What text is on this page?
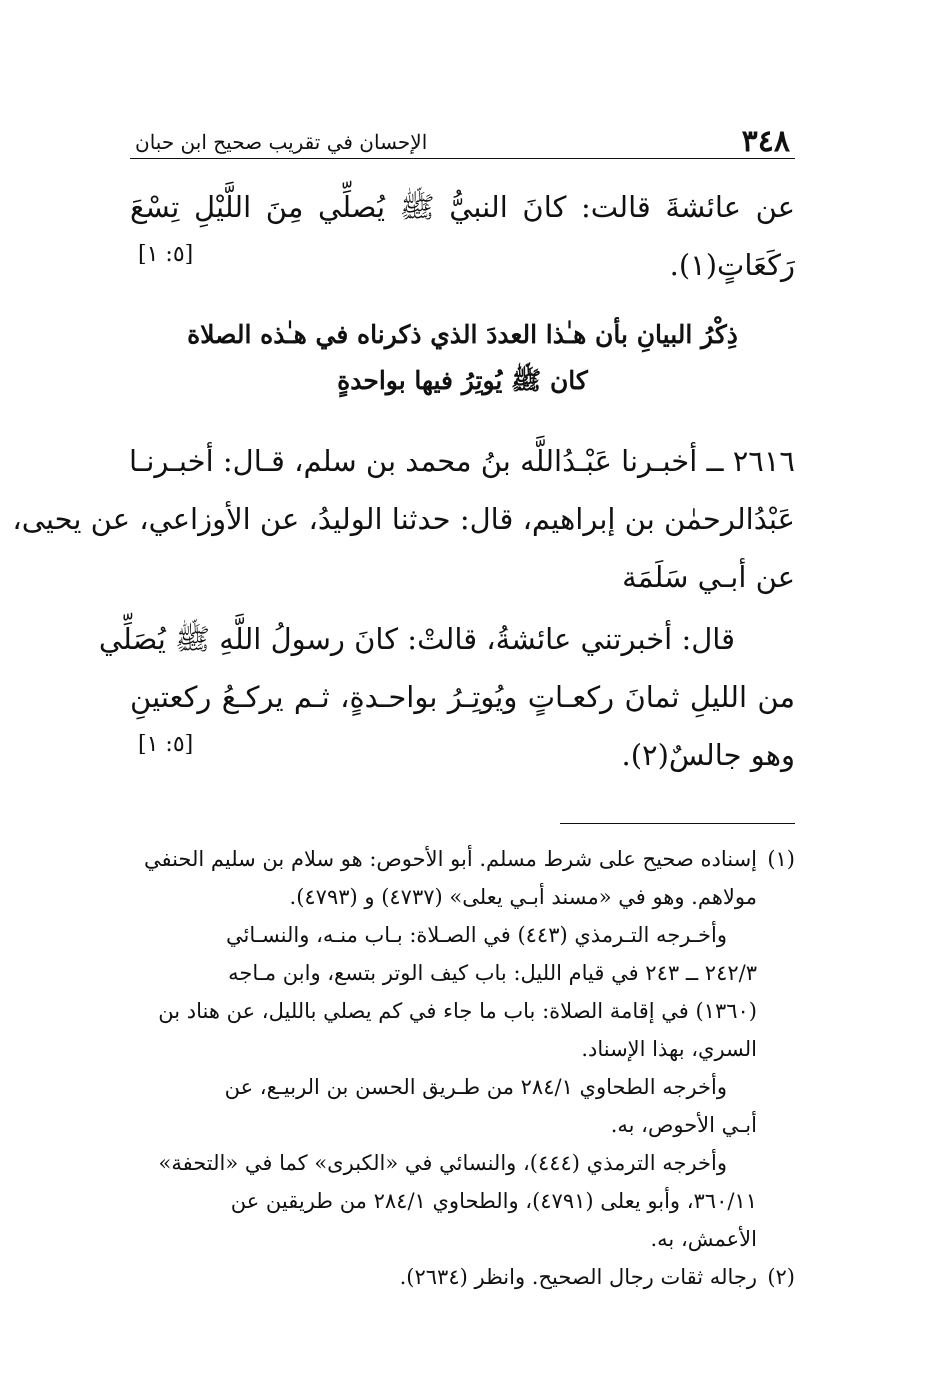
٣٤٨
الإحسان في تقريب صحيح ابن حبان
عن عائشةَ قالت: كانَ النبيُّ ﷺ يُصلِّي مِنَ اللَّيْلِ تِسْعَ
رَكَعَاتٍ(١).
[٥: ١]
ذِكْرُ البيانِ بأن هـٰذا العددَ الذي ذكرناه في هـٰذه الصلاة
كان ﷺ يُوتِرُ فيها بواحدةٍ
٢٦١٦ ــ أخبـرنا عَبْـدُاللَّه بنُ محمد بن سلم، قـال: أخبـرنـا
عَبْدُالرحمٰن بن إبراهيم، قال: حدثنا الوليدُ، عن الأوزاعي، عن يحيى،
عن أبـي سَلَمَة
قال: أخبرتني عائشةُ، قالتْ: كانَ رسولُ اللَّهِ ﷺ يُصَلِّي
من الليلِ ثمانَ ركعـاتٍ ويُوتِـرُ بواحـدةٍ، ثـم يركـعُ ركعتينِ
وهو جالسٌ(٢).
[٥: ١]
(١)
إسناده صحيح على شرط مسلم. أبو الأحوص: هو سلام بن سليم الحنفي
مولاهم. وهو في «مسند أبـي يعلى» (٤٧٣٧) و (٤٧٩٣).
وأخـرجه التـرمذي (٤٤٣) في الصـلاة: بـاب منـه، والنسـائي
٢٤٢/٣ ــ ٢٤٣ في قيام الليل: باب كيف الوتر بتسع، وابن مـاجه
(١٣٦٠) في إقامة الصلاة: باب ما جاء في كم يصلي بالليل، عن هناد بن
السري، بهذا الإسناد.
وأخرجه الطحاوي ٢٨٤/١ من طـريق الحسن بن الربيـع، عن
أبـي الأحوص، به.
وأخرجه الترمذي (٤٤٤)، والنسائي في «الكبرى» كما في «التحفة»
٣٦٠/١١، وأبو يعلى (٤٧٩١)، والطحاوي ٢٨٤/١ من طريقين عن
الأعمش، به.
(٢)
رجاله ثقات رجال الصحيح. وانظر (٢٦٣٤).
